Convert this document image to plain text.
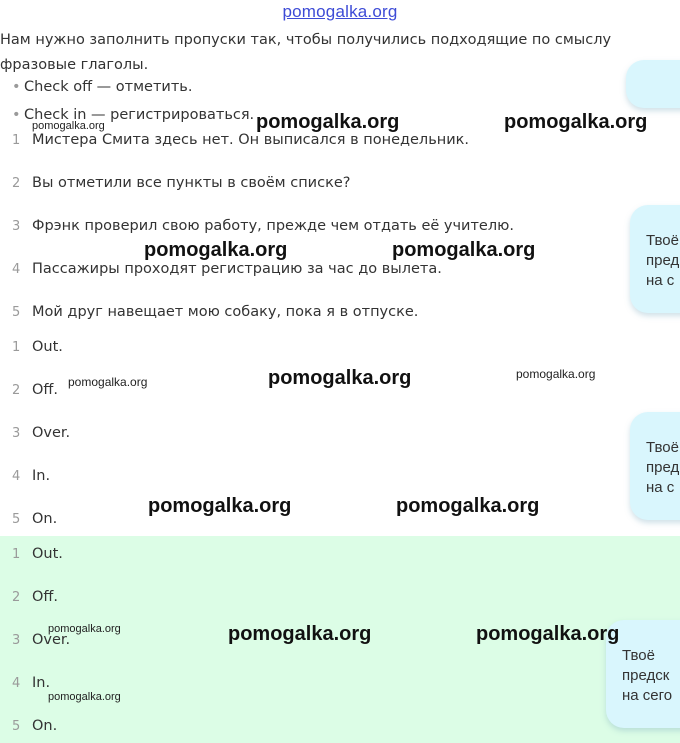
pomogalka.org
Нам нужно заполнить пропуски так, чтобы получились подходящие по смыслу фразовые глаголы.
• Check off — отметить.
• Check in — регистрироваться.
1 Мистера Смита здесь нет. Он выписался в понедельник.
2 Вы отметили все пункты в своём списке?
3 Фрэнк проверил свою работу, прежде чем отдать её учителю.
4 Пассажиры проходят регистрацию за час до вылета.
5 Мой друг навещает мою собаку, пока я в отпуске.
1 Out.
2 Off.
3 Over.
4 In.
5 On.
1 Out.
2 Off.
3 Over.
4 In.
5 On.
Твоё
пред
на с
Твоё
пред
на с
Твоё
предск
на сего
pomogalka.org	pomogalka.org	pomogalka.org
pomogalka.org	pomogalka.org
pomogalka.org	pomogalka.org	pomogalka.org
pomogalka.org	pomogalka.org
pomogalka.org	pomogalka.org	pomogalka.org
pomogalka.org
